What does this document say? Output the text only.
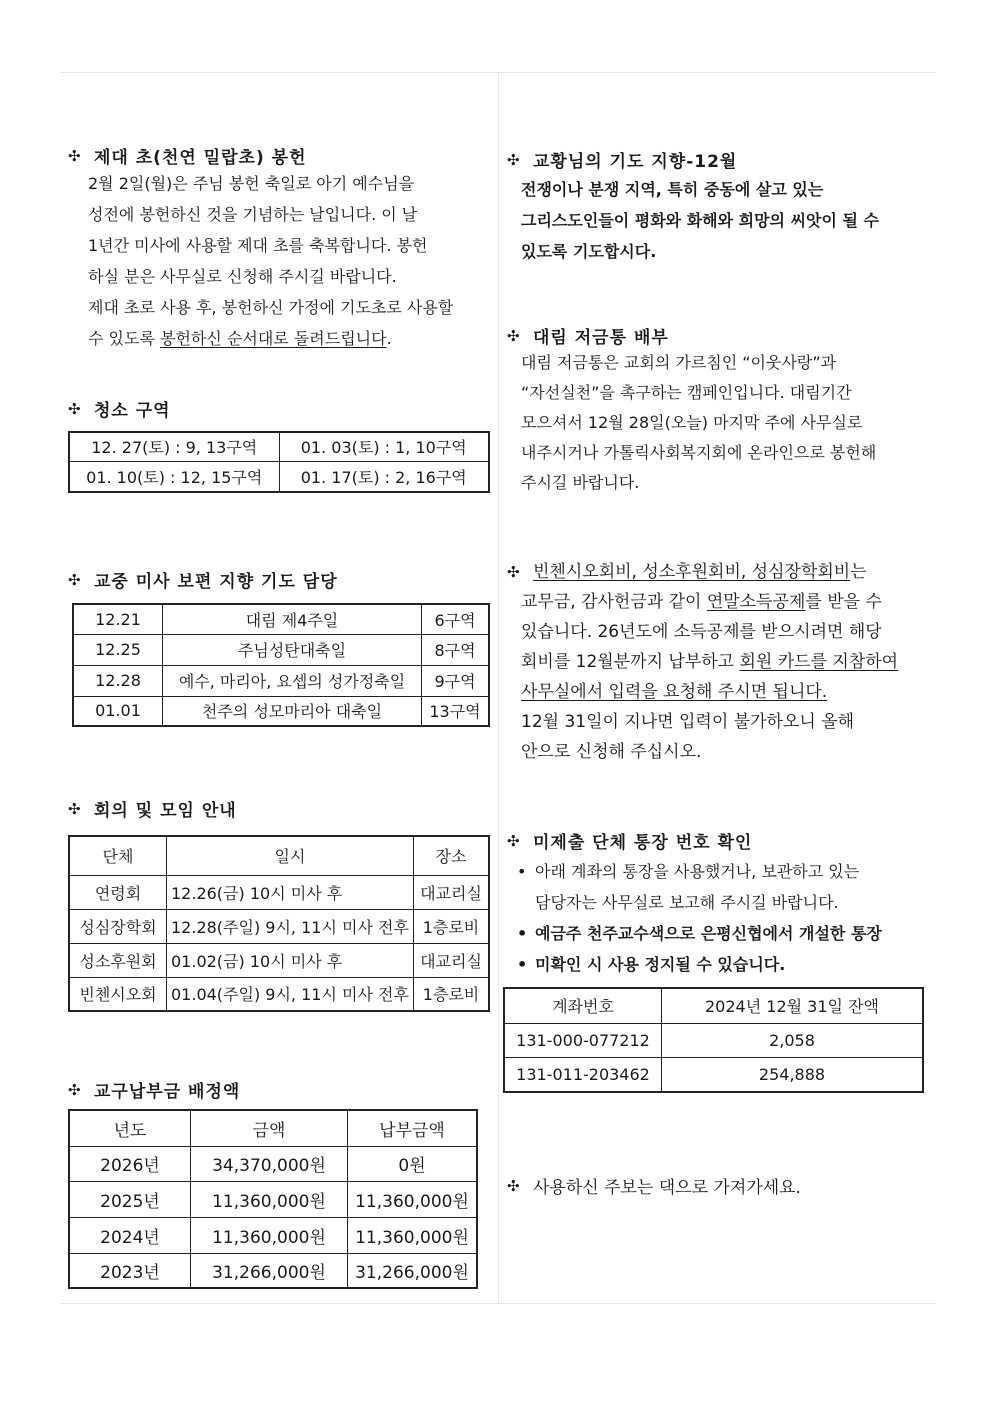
✣ 제대 초(천연 밀랍초) 봉헌
2월 2일(월)은 주님 봉헌 축일로 아기 예수님을
성전에 봉헌하신 것을 기념하는 날입니다. 이 날
1년간 미사에 사용할 제대 초를 축복합니다. 봉헌
하실 분은 사무실로 신청해 주시길 바랍니다.
제대 초로 사용 후, 봉헌하신 가정에 기도초로 사용할
수 있도록 봉헌하신 순서대로 돌려드립니다.
✣ 청소 구역
12. 27(토) : 9, 13구역	01. 03(토) : 1, 10구역
01. 10(토) : 12, 15구역	01. 17(토) : 2, 16구역
✣ 교중 미사 보편 지향 기도 담당
12.21	대림 제4주일	6구역
12.25	주님성탄대축일	8구역
12.28	예수, 마리아, 요셉의 성가정축일	9구역
01.01	천주의 성모마리아 대축일	13구역
✣ 회의 및 모임 안내
단체	일시	장소
연령회	12.26(금) 10시 미사 후	대교리실
성심장학회	12.28(주일) 9시, 11시 미사 전후	1층로비
성소후원회	01.02(금) 10시 미사 후	대교리실
빈첸시오회	01.04(주일) 9시, 11시 미사 전후	1층로비
✣ 교구납부금 배정액
년도	금액	납부금액
2026년	34,370,000원	0원
2025년	11,360,000원	11,360,000원
2024년	11,360,000원	11,360,000원
2023년	31,266,000원	31,266,000원
✣ 교황님의 기도 지향-12월
전쟁이나 분쟁 지역, 특히 중동에 살고 있는
그리스도인들이 평화와 화해와 희망의 씨앗이 될 수
있도록 기도합시다.
✣ 대림 저금통 배부
대림 저금통은 교회의 가르침인 “이웃사랑”과
“자선실천”을 촉구하는 캠페인입니다. 대림기간
모으셔서 12월 28일(오늘) 마지막 주에 사무실로
내주시거나 가톨릭사회복지회에 온라인으로 봉헌해
주시길 바랍니다.
✣ 빈첸시오회비, 성소후원회비, 성심장학회비 는
교무금, 감사헌금과 같이 연말소득공제를 받을 수
있습니다. 26년도에 소득공제를 받으시려면 해당
회비를 12월분까지 납부하고 회원 카드를 지참하여
사무실에서 입력을 요청해 주시면 됩니다.
12월 31일이 지나면 입력이 불가하오니 올해
안으로 신청해 주십시오.
✣ 미제출 단체 통장 번호 확인
• 아래 계좌의 통장을 사용했거나, 보관하고 있는
담당자는 사무실로 보고해 주시길 바랍니다.
• 예금주 천주교수색으로 은평신협에서 개설한 통장
• 미확인 시 사용 정지될 수 있습니다.
계좌번호	2024년 12월 31일 잔액
131-000-077212	2,058
131-011-203462	254,888
✣ 사용하신 주보는 댁으로 가져가세요.
